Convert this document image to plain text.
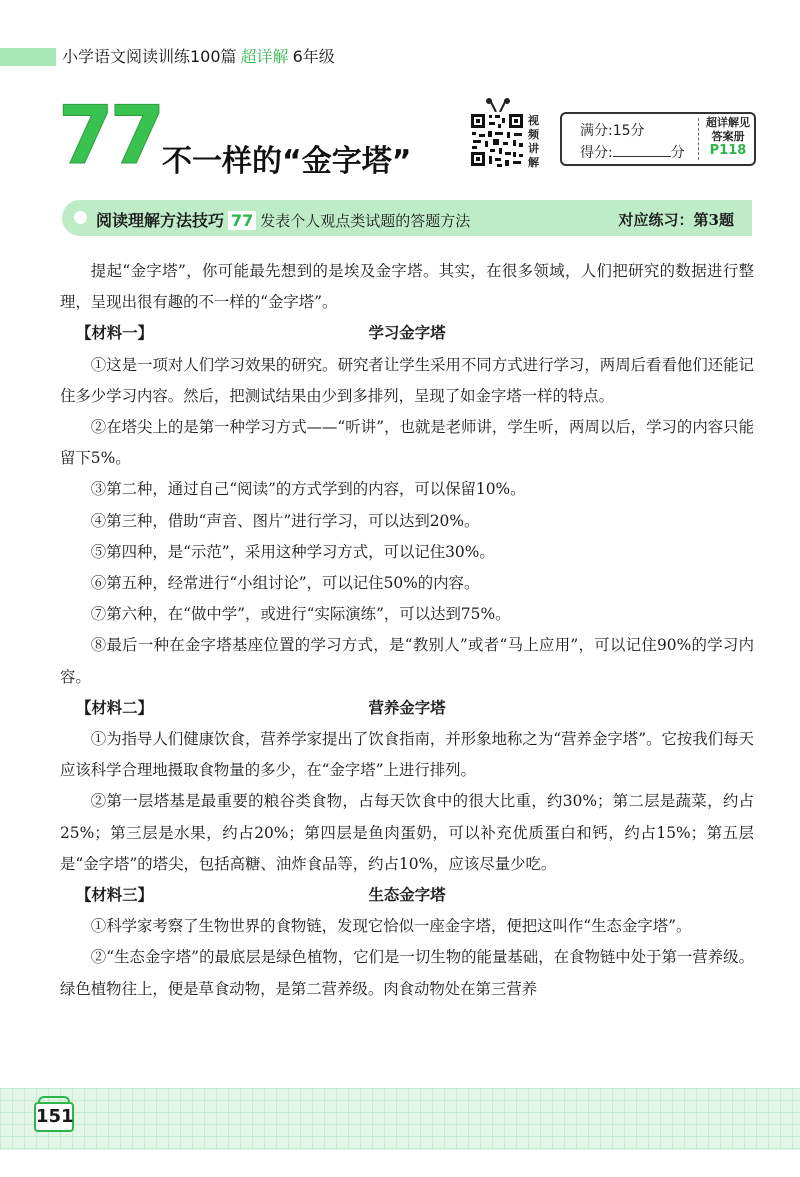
小学语文阅读训练100篇 超详解 6年级
77 不一样的“金字塔”
视
频
讲
解
满分:15分
得分:	分
超详解见
答案册
P118
阅读理解方法技巧 77 发表个人观点类试题的答题方法	对应练习：第3题

提起“金字塔”，你可能最先想到的是埃及金字塔。其实，在很多领域，人们把研究的数据进行整理，呈现出很有趣的不一样的“金字塔”。

【材料一】	学习金字塔

①这是一项对人们学习效果的研究。研究者让学生采用不同方式进行学习，两周后看看他们还能记住多少学习内容。然后，把测试结果由少到多排列，呈现了如金字塔一样的特点。

②在塔尖上的是第一种学习方式——“听讲”，也就是老师讲，学生听，两周以后，学习的内容只能留下5%。

③第二种，通过自己“阅读”的方式学到的内容，可以保留10%。

④第三种，借助“声音、图片”进行学习，可以达到20%。

⑤第四种，是“示范”，采用这种学习方式，可以记住30%。

⑥第五种，经常进行“小组讨论”，可以记住50%的内容。

⑦第六种，在“做中学”，或进行“实际演练”，可以达到75%。

⑧最后一种在金字塔基座位置的学习方式，是“教别人”或者“马上应用”，可以记住90%的学习内容。

【材料二】	营养金字塔

①为指导人们健康饮食，营养学家提出了饮食指南，并形象地称之为“营养金字塔”。它按我们每天应该科学合理地摄取食物量的多少，在“金字塔”上进行排列。

②第一层塔基是最重要的粮谷类食物，占每天饮食中的很大比重，约30%；第二层是蔬菜，约占25%；第三层是水果，约占20%；第四层是鱼肉蛋奶，可以补充优质蛋白和钙，约占15%；第五层是“金字塔”的塔尖，包括高糖、油炸食品等，约占10%，应该尽量少吃。

【材料三】	生态金字塔

①科学家考察了生物世界的食物链，发现它恰似一座金字塔，便把这叫作“生态金字塔”。

②“生态金字塔”的最底层是绿色植物，它们是一切生物的能量基础，在食物链中处于第一营养级。绿色植物往上，便是草食动物，是第二营养级。肉食动物处在第三营养

151
